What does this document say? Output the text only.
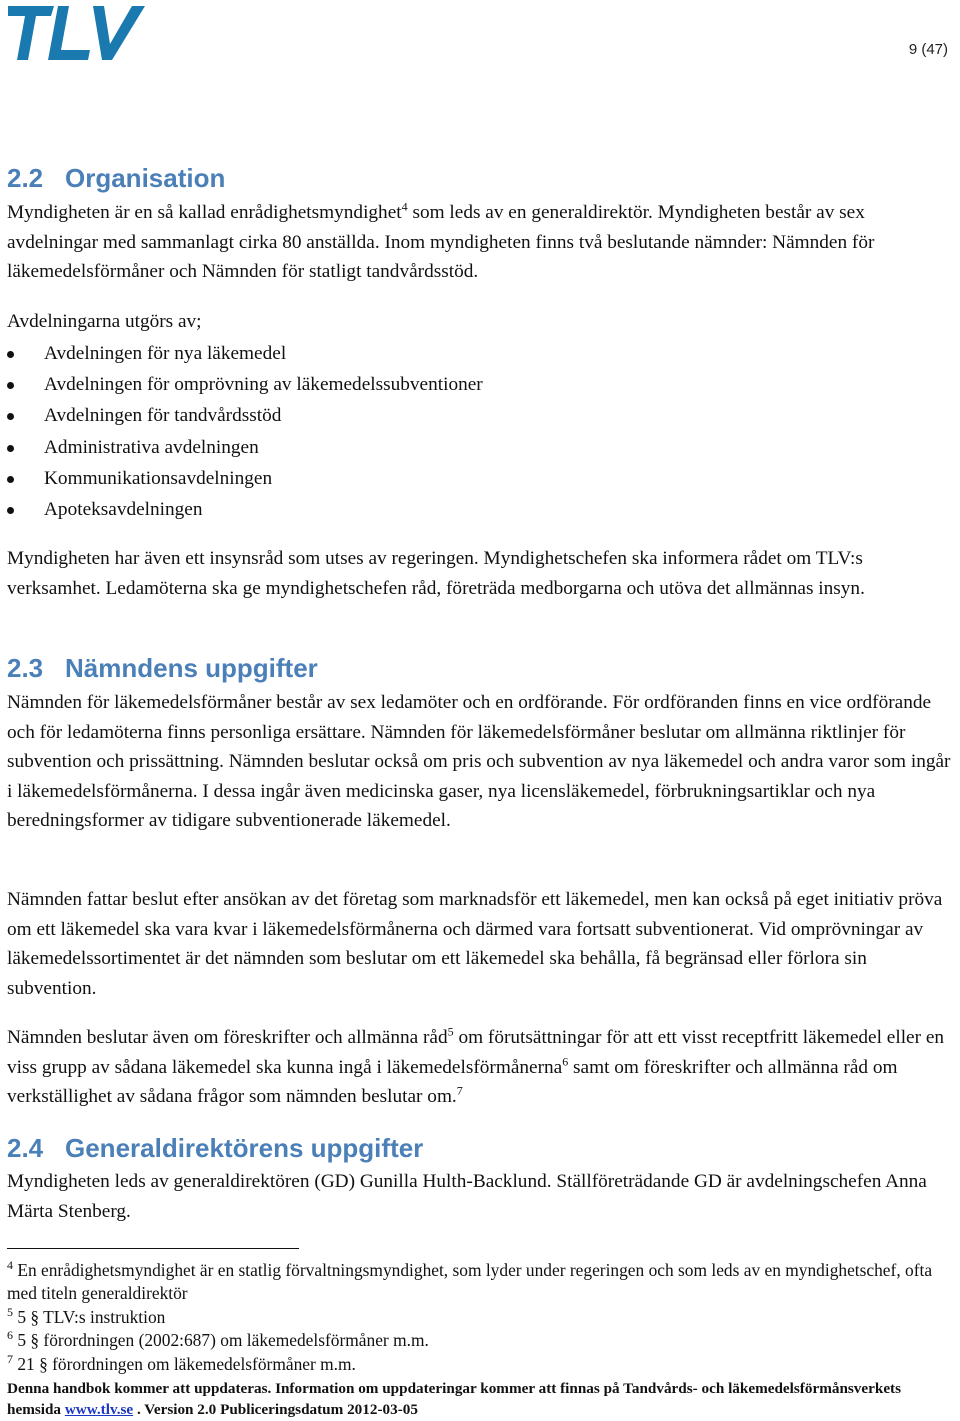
9 (47)
2.2 Organisation

Myndigheten är en så kallad enrådighetsmyndighet$^4$ som leds av en generaldirektör. Myndigheten består av sex avdelningar med sammanlagt cirka 80 anställda. Inom myndigheten finns två beslutande nämnder: Nämnden för läkemedelsförmåner och Nämnden för statligt tandvårdsstöd.

Avdelningarna utgörs av;

Avdelningen för nya läkemedel
Avdelningen för omprövning av läkemedelssubventioner
Avdelningen för tandvårdsstöd
Administrativa avdelningen
Kommunikationsavdelningen
Apoteksavdelningen

Myndigheten har även ett insynsråd som utses av regeringen. Myndighetschefen ska informera rådet om TLV:s verksamhet. Ledamöterna ska ge myndighetschefen råd, företräda medborgarna och utöva det allmännas insyn.

2.3 Nämndens uppgifter

Nämnden för läkemedelsförmåner består av sex ledamöter och en ordförande. För ordföranden finns en vice ordförande och för ledamöterna finns personliga ersättare. Nämnden för läkemedelsförmåner beslutar om allmänna riktlinjer för subvention och prissättning. Nämnden beslutar också om pris och subvention av nya läkemedel och andra varor som ingår i läkemedelsförmånerna. I dessa ingår även medicinska gaser, nya licensläkemedel, förbrukningsartiklar och nya beredningsformer av tidigare subventionerade läkemedel.

Nämnden fattar beslut efter ansökan av det företag som marknadsför ett läkemedel, men kan också på eget initiativ pröva om ett läkemedel ska vara kvar i läkemedelsförmånerna och därmed vara fortsatt subventionerat. Vid omprövningar av läkemedelssortimentet är det nämnden som beslutar om ett läkemedel ska behålla, få begränsad eller förlora sin subvention.

Nämnden beslutar även om föreskrifter och allmänna råd$^5$ om förutsättningar för att ett visst receptfritt läkemedel eller en viss grupp av sådana läkemedel ska kunna ingå i läkemedelsförmånerna$^6$ samt om föreskrifter och allmänna råd om verkställighet av sådana frågor som nämnden beslutar om.$^7$

2.4 Generaldirektörens uppgifter

Myndigheten leds av generaldirektören (GD) Gunilla Hulth-Backlund. Ställföreträdande GD är avdelningschefen Anna Märta Stenberg.

$^4$ En enrådighetsmyndighet är en statlig förvaltningsmyndighet, som lyder under regeringen och som leds av en myndighetschef, ofta med titeln generaldirektör

$^5$ 5 § TLV:s instruktion

$^6$ 5 § förordningen (2002:687) om läkemedelsförmåner m.m.

$^7$ 21 § förordningen om läkemedelsförmåner m.m.

Denna handbok kommer att uppdateras. Information om uppdateringar kommer att finnas på Tandvårds- och läkemedelsförmånsverkets hemsida www.tlv.se . Version 2.0 Publiceringsdatum 2012-03-05
